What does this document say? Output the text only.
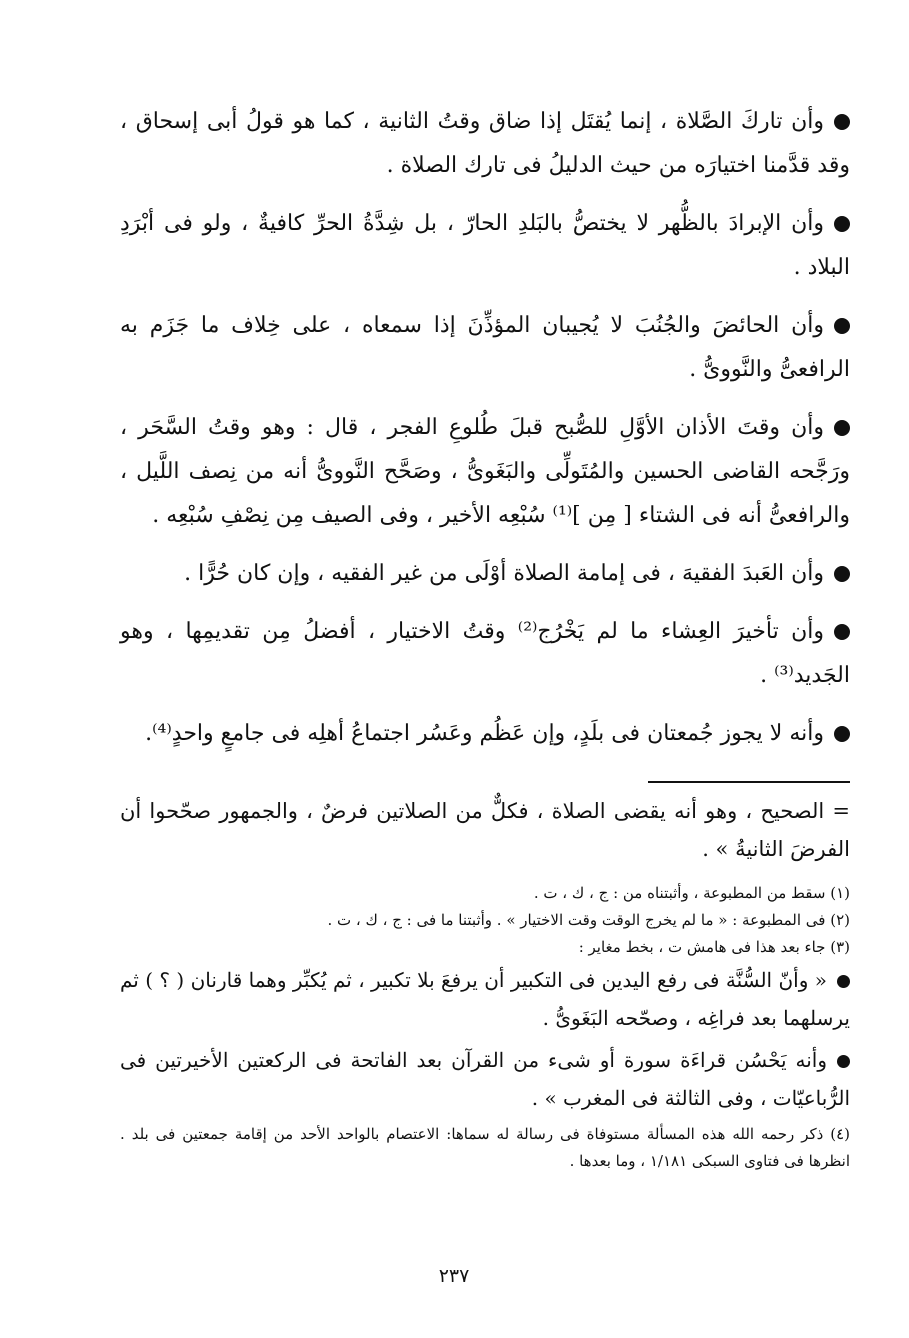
وأن تاركَ الصَّلاة ، إنما يُقتَل إذا ضاق وقتُ الثانية ، كما هو قولُ أبى إسحاق ، وقد قدَّمنا اختيارَه من حيث الدليلُ فى تارك الصلاة .

وأن الإبرادَ بالظُّهر لا يختصُّ بالبَلدِ الحارّ ، بل شِدَّةُ الحرِّ كافيةٌ ، ولو فى أبْرَدِ البلاد .

وأن الحائضَ والجُنُبَ لا يُجيبان المؤذِّنَ إذا سمعاه ، على خِلاف ما جَزَم به الرافعىُّ والنَّووىُّ .

وأن وقتَ الأذان الأوَّلِ للصُّبح قبلَ طُلوعِ الفجر ، قال : وهو وقتُ السَّحَر ، ورَجَّحه القاضى الحسين والمُتَولِّى والبَغَوىُّ ، وصَحَّح النَّووىُّ أنه من نِصف اللَّيل ، والرافعىُّ أنه فى الشتاء [ مِن ]⁽¹⁾ سُبْعِه الأخير ، وفى الصيف مِن نِصْفِ سُبْعِه .

وأن العَبدَ الفقيهَ ، فى إمامة الصلاة أوْلَى من غير الفقيه ، وإن كان حُرًّا .

وأن تأخيرَ العِشاء ما لم يَخْرُج⁽²⁾ وقتُ الاختيار ، أفضلُ مِن تقديمِها ، وهو الجَديد⁽³⁾ .

وأنه لا يجوز جُمعتان فى بلَدٍ، وإن عَظُم وعَسُر اجتماعُ أهلِه فى جامعٍ واحدٍ⁽⁴⁾.

= الصحيح ، وهو أنه يقضى الصلاة ، فكلٌّ من الصلاتين فرضٌ ، والجمهور صحّحوا أن الفرضَ الثانيةُ » .

(١) سقط من المطبوعة ، وأثبتناه من : ج ، ك ، ت .

(٢) فى المطبوعة : « ما لم يخرج الوقت وقت الاختيار » . وأثبتنا ما فى : ج ، ك ، ت .

(٣) جاء بعد هذا فى هامش ت ، بخط مغاير :

« وأنّ السُّنَّة فى رفع اليدين فى التكبير أن يرفعَ بلا تكبير ، ثم يُكبِّر وهما قارنان ( ؟ ) ثم يرسلهما بعد فراغِه ، وصحّحه البَغَوىُّ .

وأنه يَحْسُن قراءَة سورة أو شىء من القرآن بعد الفاتحة فى الركعتين الأخيرتين فى الرُّباعيّات ، وفى الثالثة فى المغرب » .

(٤) ذكر رحمه الله هذه المسألة مستوفاة فى رسالة له سماها: الاعتصام بالواحد الأحد من إقامة جمعتين فى بلد . انظرها فى فتاوى السبكى ١/١٨١ ، وما بعدها .

٢٣٧
